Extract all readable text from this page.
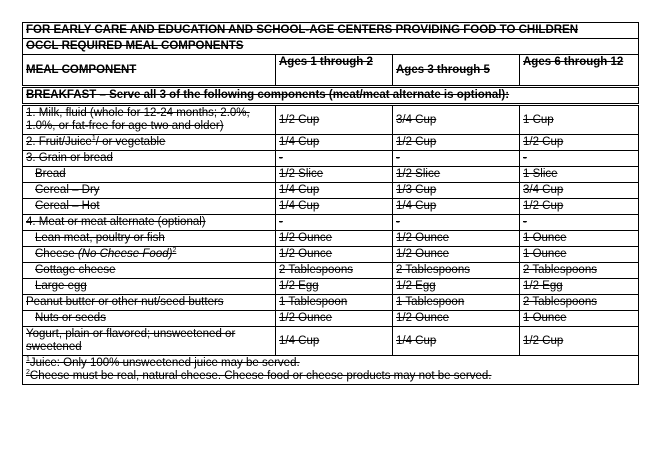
FOR EARLY CARE AND EDUCATION AND SCHOOL-AGE CENTERS PROVIDING FOOD TO CHILDREN			
OCCL REQUIRED MEAL COMPONENTS			
MEAL COMPONENT	Ages 1 through 2	Ages 3 through 5	Ages 6 through 12
BREAKFAST – Serve all 3 of the following components (meat/meat alternate is optional):			
1. Milk, fluid (whole for 12-24 months; 2.0%, 1.0%, or fat-free for age two and older)	1/2 Cup	3/4 Cup	1 Cup
2. Fruit/Juice$^1$/ or vegetable	1/4 Cup	1/2 Cup	1/2 Cup
3. Grain or bread	-	-	-
Bread	1/2 Slice	1/2 Slice	1 Slice
Cereal – Dry	1/4 Cup	1/3 Cup	3/4 Cup
Cereal – Hot	1/4 Cup	1/4 Cup	1/2 Cup
4. Meat or meat alternate (optional)	-	-	-
Lean meat, poultry or fish	1/2 Ounce	1/2 Ounce	1 Ounce
Cheese (No Cheese Food)$^2$	1/2 Ounce	1/2 Ounce	1 Ounce
Cottage cheese	2 Tablespoons	2 Tablespoons	2 Tablespoons
Large egg	1/2 Egg	1/2 Egg	1/2 Egg
Peanut butter or other nut/seed butters	1 Tablespoon	1 Tablespoon	2 Tablespoons
Nuts or seeds	1/2 Ounce	1/2 Ounce	1 Ounce
Yogurt, plain or flavored; unsweetened or sweetened	1/4 Cup	1/4 Cup	1/2 Cup

$^1$Juice: Only 100% unsweetened juice may be served.
$^2$Cheese must be real, natural cheese. Cheese food or cheese products may not be served.			
